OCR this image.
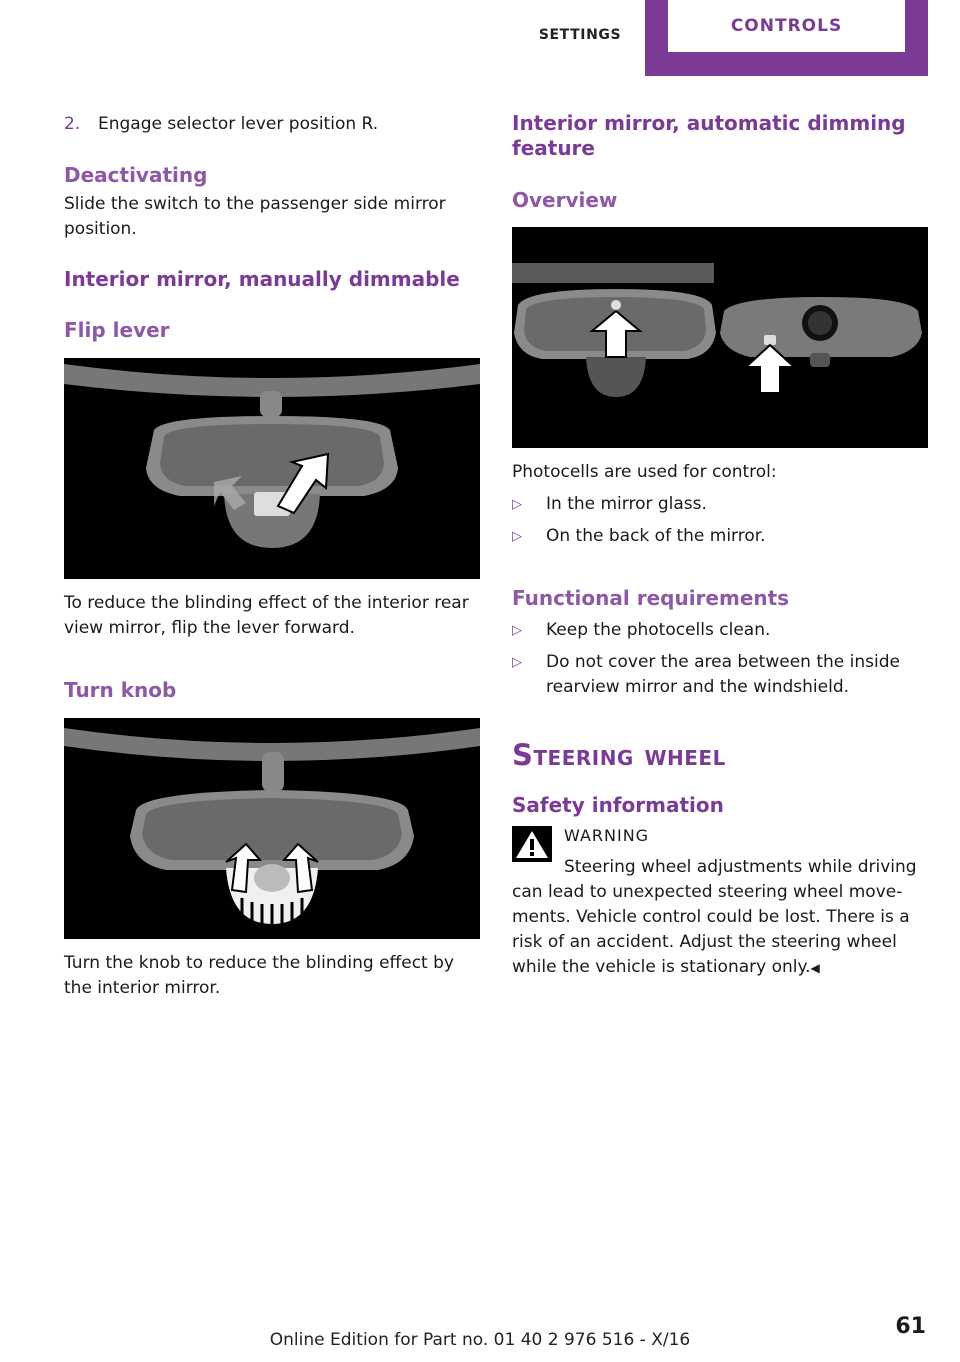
SETTINGS	CONTROLS
2.	Engage selector lever position R.
Deactivating

Slide the switch to the passenger side mirror position.

Interior mirror, manually dimmable
Flip lever

To reduce the blinding effect of the interior rear view mirror, flip the lever forward.

Turn knob

Turn the knob to reduce the blinding effect by the interior mirror.

Interior mirror, automatic dimming feature
Overview

Photocells are used for control:

▷	In the mirror glass.
▷	On the back of the mirror.
Functional requirements
▷	Keep the photocells clean.
▷	Do not cover the area between the inside rearview mirror and the windshield.
Steering wheel
Safety information

WARNING

Steering wheel adjustments while driving

can lead to unexpected steering wheel movements. Vehicle control could be lost. There is a risk of an accident. Adjust the steering wheel while the vehicle is stationary only.◀

Online Edition for Part no. 01 40 2 976 516 - X/16
61
